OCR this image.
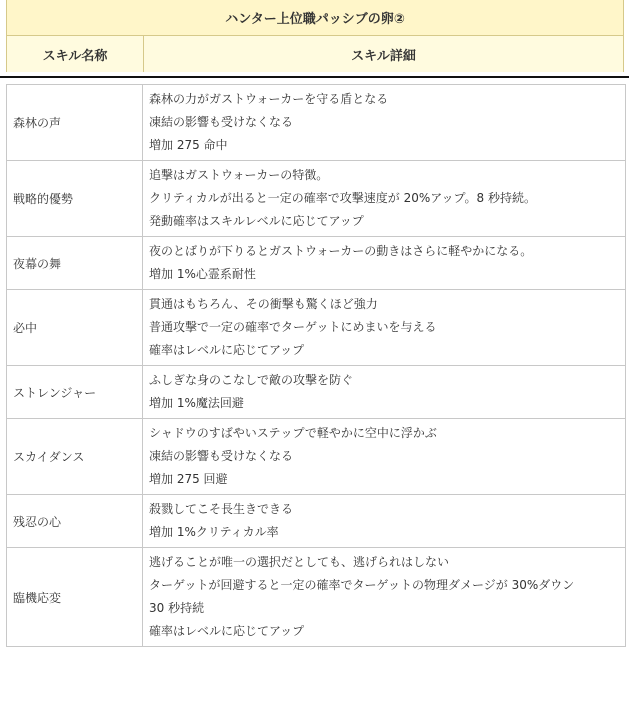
ハンター上位職パッシブの卵②
スキル名称	スキル詳細
森林の声	森林の力がガストウォーカーを守る盾となる
凍結の影響も受けなくなる
増加 275 命中

戦略的優勢	追撃はガストウォーカーの特徴。
クリティカルが出ると一定の確率で攻撃速度が 20%アップ。8 秒持続。
発動確率はスキルレベルに応じてアップ

夜幕の舞	夜のとばりが下りるとガストウォーカーの動きはさらに軽やかになる。
増加 1%心霊系耐性

必中	貫通はもちろん、その衝撃も驚くほど強力
普通攻撃で一定の確率でターゲットにめまいを与える
確率はレベルに応じてアップ

ストレンジャー	ふしぎな身のこなしで敵の攻撃を防ぐ
増加 1%魔法回避

スカイダンス	シャドウのすばやいステップで軽やかに空中に浮かぶ
凍結の影響も受けなくなる
増加 275 回避

残忍の心	殺戮してこそ長生きできる
増加 1%クリティカル率

臨機応変	逃げることが唯一の選択だとしても、逃げられはしない
ターゲットが回避すると一定の確率でターゲットの物理ダメージが 30%ダウン
30 秒持続
確率はレベルに応じてアップ
